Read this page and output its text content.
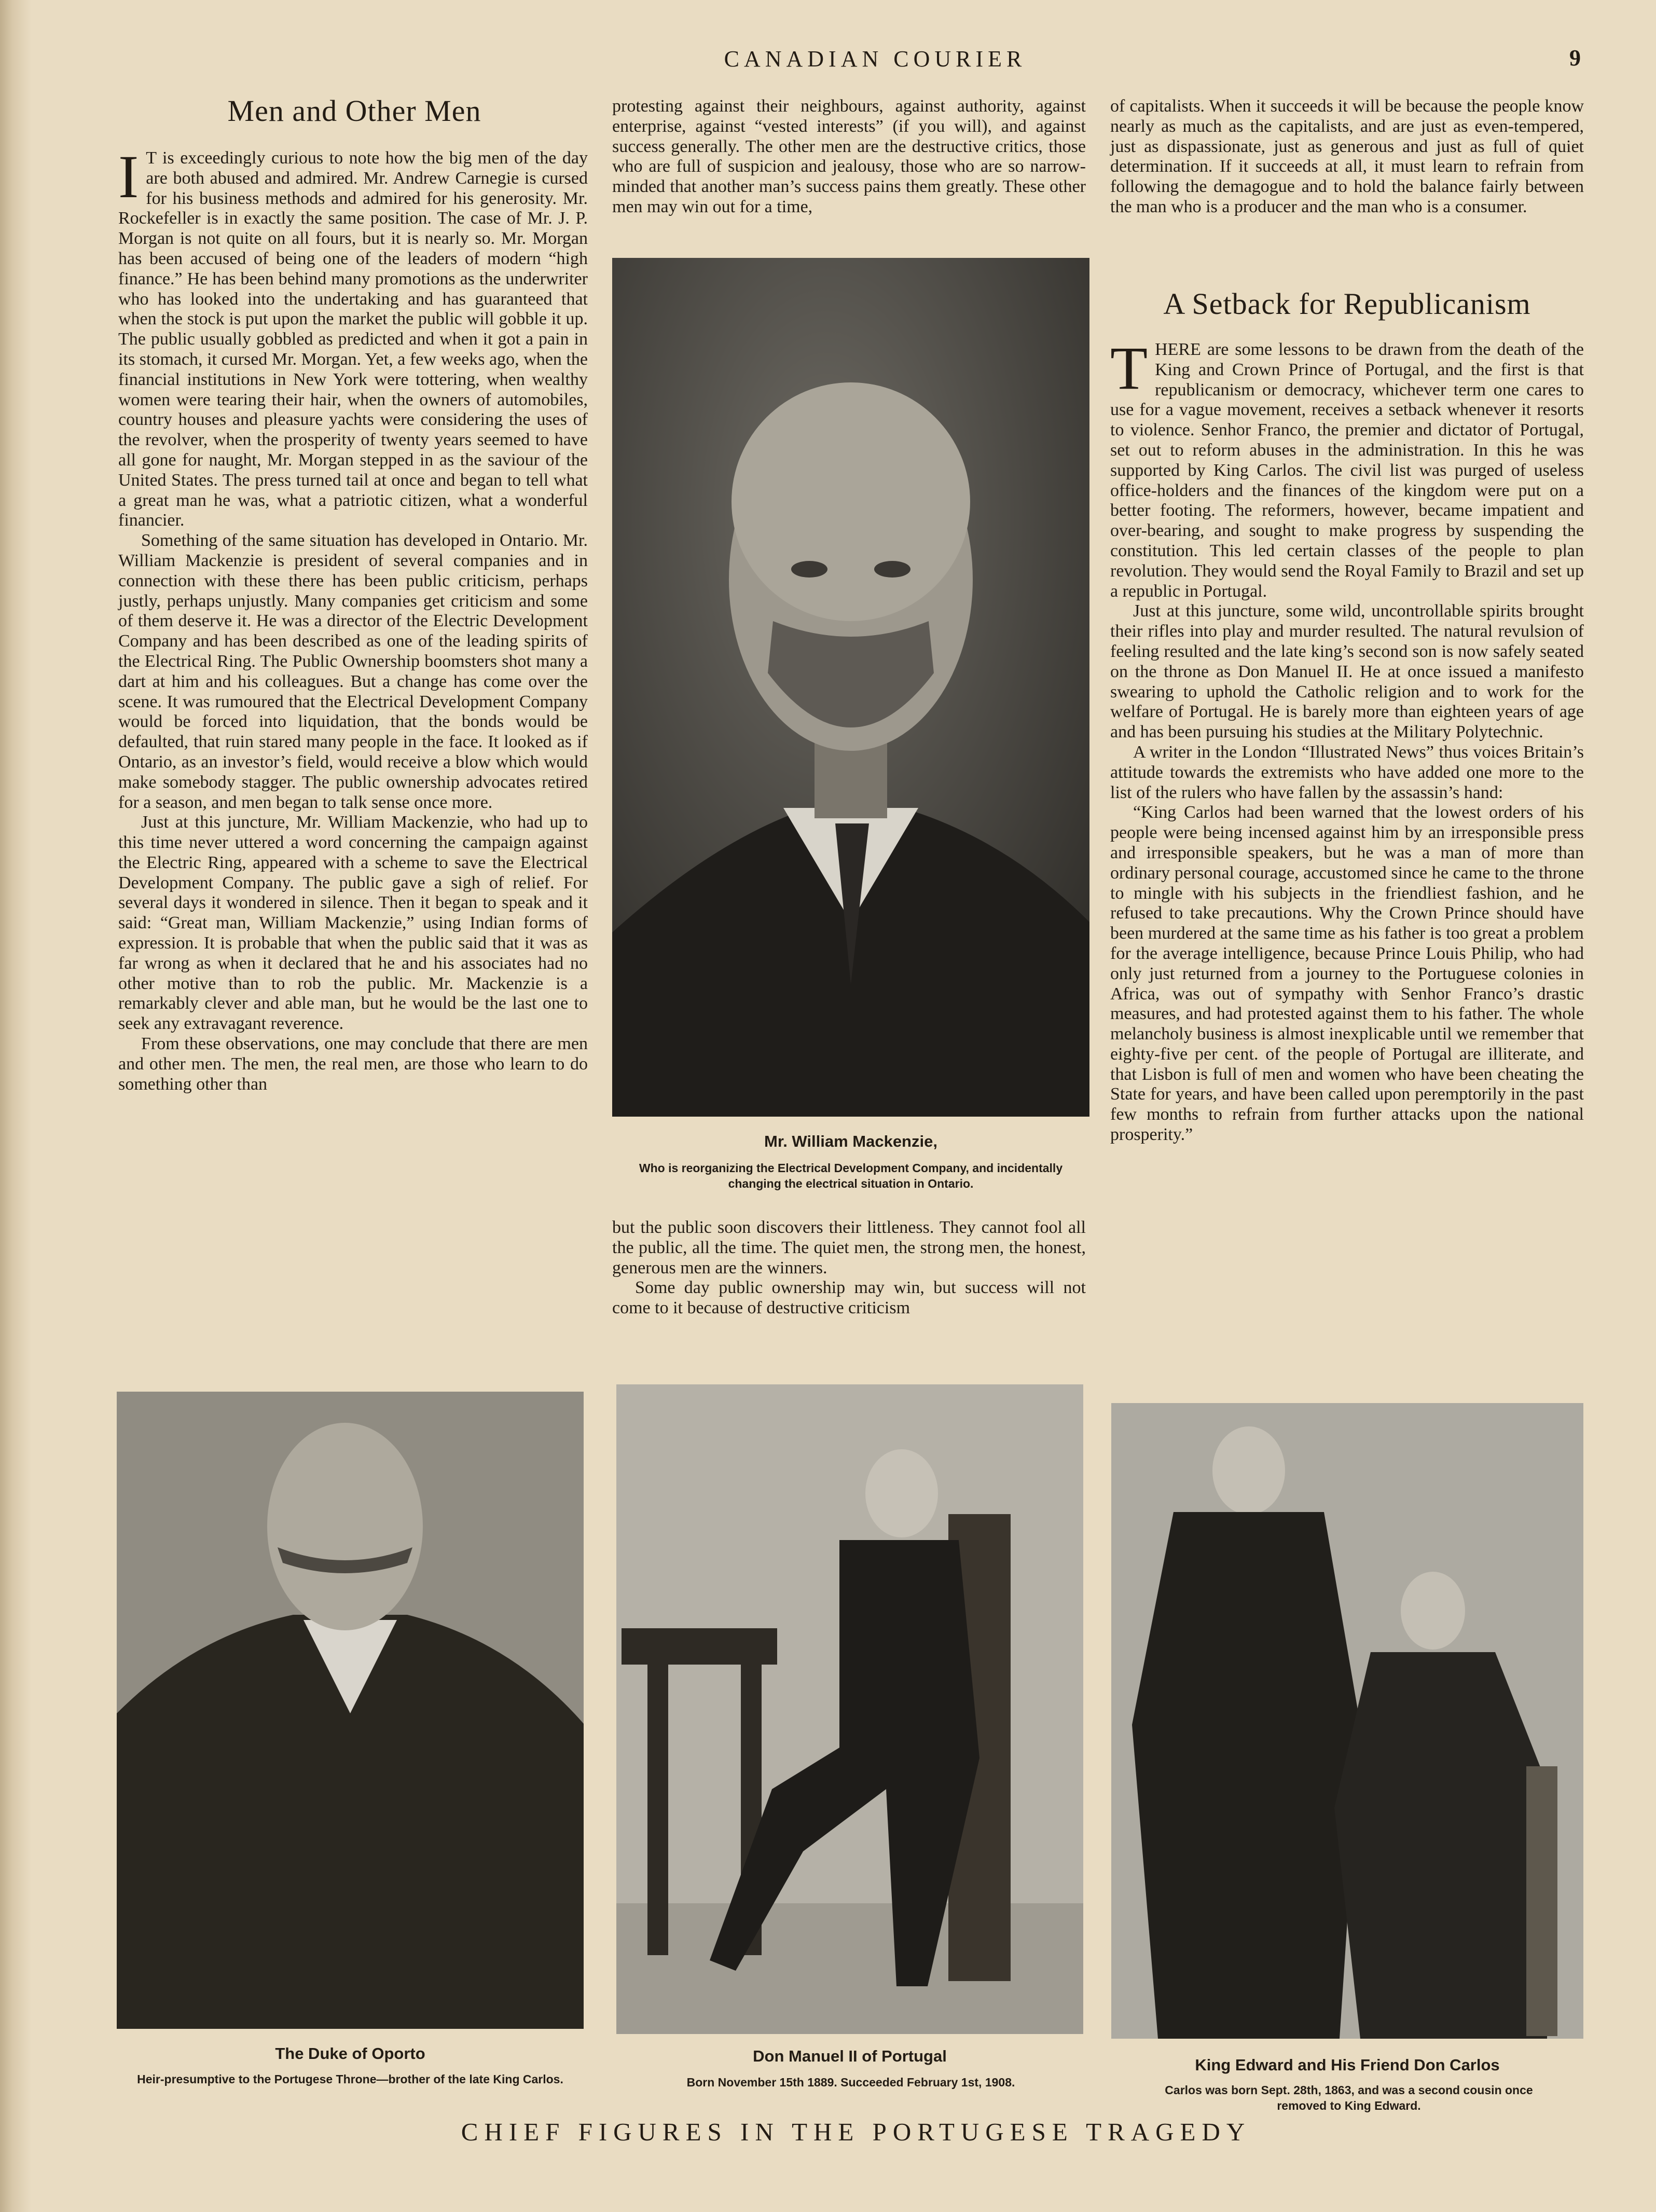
CANADIAN COURIER	9
Men and Other Men
I T is exceedingly curious to note how the big men of the day are both abused and admired. Mr. Andrew Carnegie is cursed for his business methods and admired for his generosity. Mr. Rockefeller is in exactly the same position. The case of Mr. J. P. Morgan is not quite on all fours, but it is nearly so. Mr. Morgan has been accused of being one of the leaders of modern “high finance.” He has been behind many promotions as the underwriter who has looked into the undertaking and has guaranteed that when the stock is put upon the market the public will gobble it up. The public usually gobbled as predicted and when it got a pain in its stomach, it cursed Mr. Morgan. Yet, a few weeks ago, when the financial institutions in New York were tottering, when wealthy women were tearing their hair, when the owners of automobiles, country houses and pleasure yachts were considering the uses of the revolver, when the prosperity of twenty years seemed to have all gone for naught, Mr. Morgan stepped in as the saviour of the United States. The press turned tail at once and began to tell what a great man he was, what a patriotic citizen, what a wonderful financier.

Something of the same situation has developed in Ontario. Mr. William Mackenzie is president of several companies and in connection with these there has been public criticism, perhaps justly, perhaps unjustly. Many companies get criticism and some of them deserve it. He was a director of the Electric Development Company and has been described as one of the leading spirits of the Electrical Ring. The Public Ownership boomsters shot many a dart at him and his colleagues. But a change has come over the scene. It was rumoured that the Electrical Development Company would be forced into liquidation, that the bonds would be defaulted, that ruin stared many people in the face. It looked as if Ontario, as an investor’s field, would receive a blow which would make somebody stagger. The public ownership advocates retired for a season, and men began to talk sense once more.

Just at this juncture, Mr. William Mackenzie, who had up to this time never uttered a word concerning the campaign against the Electric Ring, appeared with a scheme to save the Electrical Development Company. The public gave a sigh of relief. For several days it wondered in silence. Then it began to speak and it said: “Great man, William Mackenzie,” using Indian forms of expression. It is probable that when the public said that it was as far wrong as when it declared that he and his associates had no other motive than to rob the public. Mr. Mackenzie is a remarkably clever and able man, but he would be the last one to seek any extravagant reverence.

From these observations, one may conclude that there are men and other men. The men, the real men, are those who learn to do something other than

protesting against their neighbours, against authority, against enterprise, against “vested interests” (if you will), and against success generally. The other men are the destructive critics, those who are full of suspicion and jealousy, those who are so narrow-minded that another man’s success pains them greatly. These other men may win out for a time,

Mr. William Mackenzie,
Who is reorganizing the Electrical Development Company, and incidentally changing the electrical situation in Ontario.

but the public soon discovers their littleness. They cannot fool all the public, all the time. The quiet men, the strong men, the honest, generous men are the winners.

Some day public ownership may win, but success will not come to it because of destructive criticism

of capitalists. When it succeeds it will be because the people know nearly as much as the capitalists, and are just as even-tempered, just as dispassionate, just as generous and just as full of quiet determination. If it succeeds at all, it must learn to refrain from following the demagogue and to hold the balance fairly between the man who is a producer and the man who is a consumer.

A Setback for Republicanism
T HERE are some lessons to be drawn from the death of the King and Crown Prince of Portugal, and the first is that republicanism or democracy, whichever term one cares to use for a vague movement, receives a setback whenever it resorts to violence. Senhor Franco, the premier and dictator of Portugal, set out to reform abuses in the administration. In this he was supported by King Carlos. The civil list was purged of useless office-holders and the finances of the kingdom were put on a better footing. The reformers, however, became impatient and over-bearing, and sought to make progress by suspending the constitution. This led certain classes of the people to plan revolution. They would send the Royal Family to Brazil and set up a republic in Portugal.

Just at this juncture, some wild, uncontrollable spirits brought their rifles into play and murder resulted. The natural revulsion of feeling resulted and the late king’s second son is now safely seated on the throne as Don Manuel II. He at once issued a manifesto swearing to uphold the Catholic religion and to work for the welfare of Portugal. He is barely more than eighteen years of age and has been pursuing his studies at the Military Polytechnic.

A writer in the London “Illustrated News” thus voices Britain’s attitude towards the extremists who have added one more to the list of the rulers who have fallen by the assassin’s hand:

“King Carlos had been warned that the lowest orders of his people were being incensed against him by an irresponsible press and irresponsible speakers, but he was a man of more than ordinary personal courage, accustomed since he came to the throne to mingle with his subjects in the friendliest fashion, and he refused to take precautions. Why the Crown Prince should have been murdered at the same time as his father is too great a problem for the average intelligence, because Prince Louis Philip, who had only just returned from a journey to the Portuguese colonies in Africa, was out of sympathy with Senhor Franco’s drastic measures, and had protested against them to his father. The whole melancholy business is almost inexplicable until we remember that eighty-five per cent. of the people of Portugal are illiterate, and that Lisbon is full of men and women who have been cheating the State for years, and have been called upon peremptorily in the past few months to refrain from further attacks upon the national prosperity.”

The Duke of Oporto
Heir-presumptive to the Portugese Throne—brother of the late King Carlos.
Don Manuel II of Portugal
Born November 15th 1889. Succeeded February 1st, 1908.
King Edward and His Friend Don Carlos
Carlos was born Sept. 28th, 1863, and was a second cousin once removed to King Edward.
CHIEF FIGURES IN THE PORTUGESE TRAGEDY
